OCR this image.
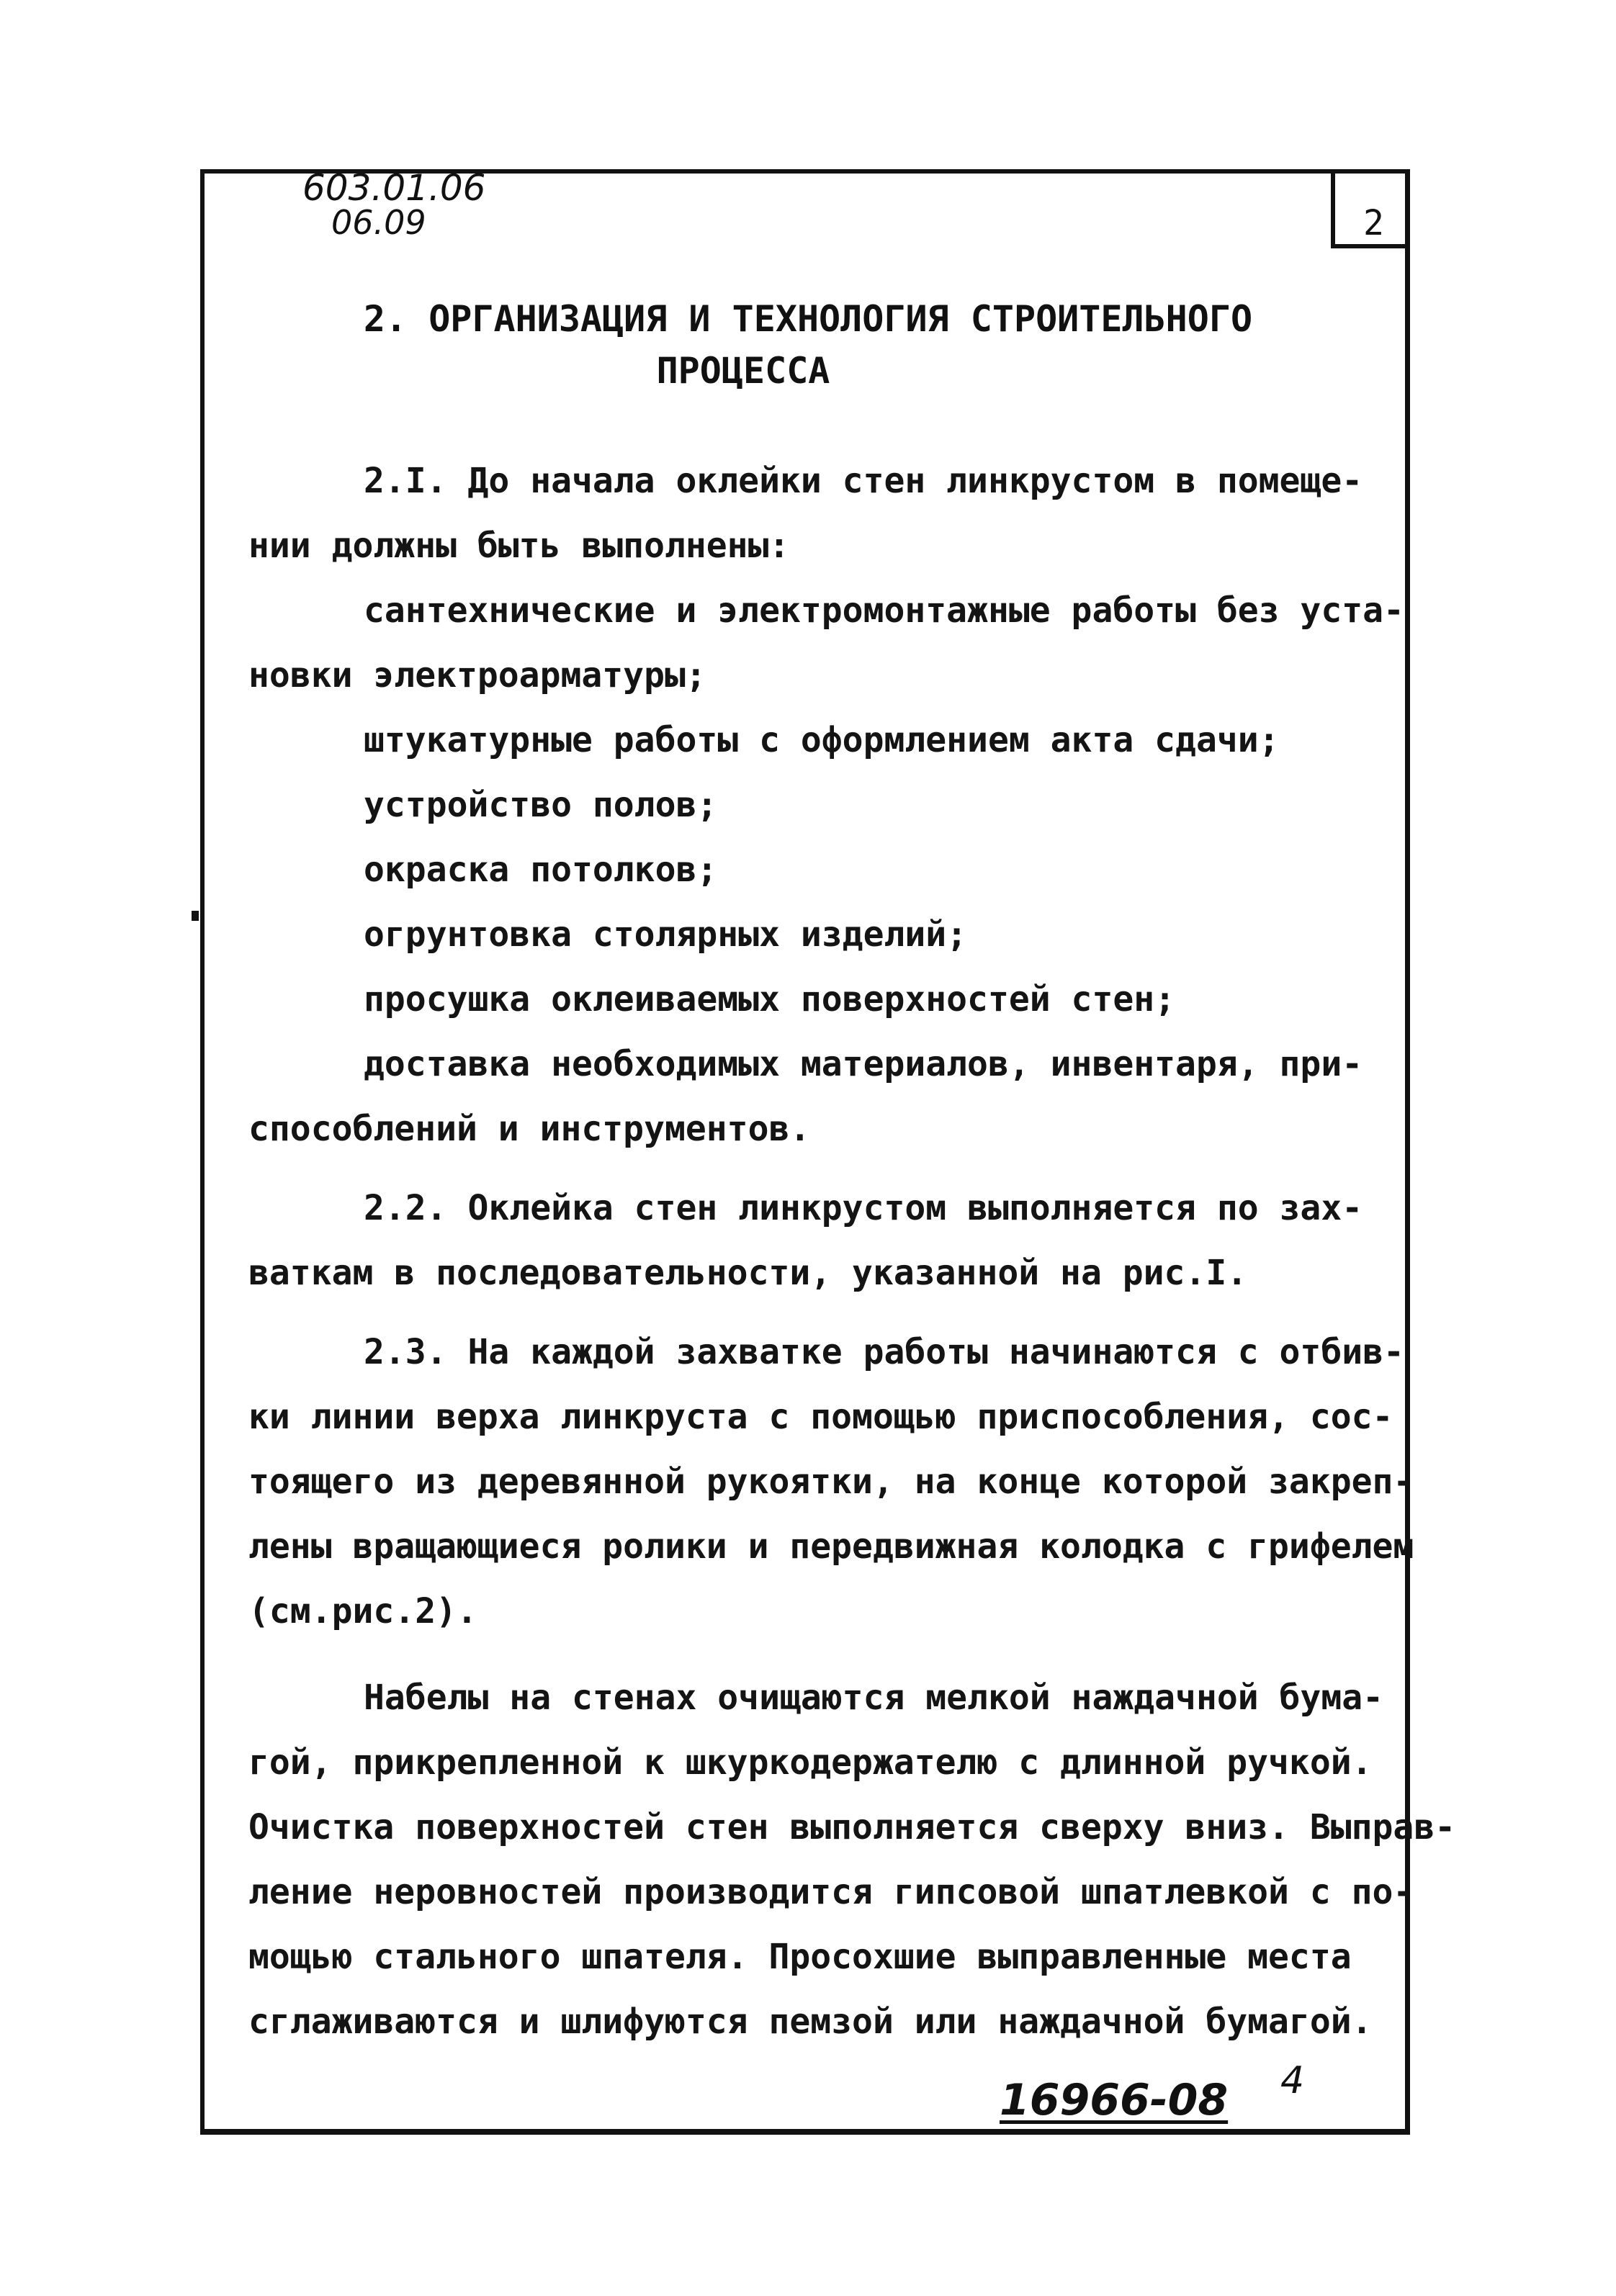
2
603.01.06
06.09
2. ОРГАНИЗАЦИЯ И ТЕХНОЛОГИЯ СТРОИТЕЛЬНОГО
ПРОЦЕССА
2.I. До начала оклейки стен линкрустом в помеще-
нии должны быть выполнены:
сантехнические и электромонтажные работы без уста-
новки электроарматуры;
штукатурные работы с оформлением акта сдачи;
устройство полов;
окраска потолков;
огрунтовка столярных изделий;
просушка оклеиваемых поверхностей стен;
доставка необходимых материалов, инвентаря, при-
способлений и инструментов.
2.2. Оклейка стен линкрустом выполняется по зах-
ваткам в последовательности, указанной на рис.I.
2.3. На каждой захватке работы начинаются с отбив-
ки линии верха линкруста с помощью приспособления, сос-
тоящего из деревянной рукоятки, на конце которой закреп-
лены вращающиеся ролики и передвижная колодка с грифелем
(см.рис.2).
Набелы на стенах очищаются мелкой наждачной бума-
гой, прикрепленной к шкуркодержателю с длинной ручкой.
Очистка поверхностей стен выполняется сверху вниз. Выправ-
ление неровностей производится гипсовой шпатлевкой с по-
мощью стального шпателя. Просохшие выправленные места
сглаживаются и шлифуются пемзой или наждачной бумагой.
16966-08 4
